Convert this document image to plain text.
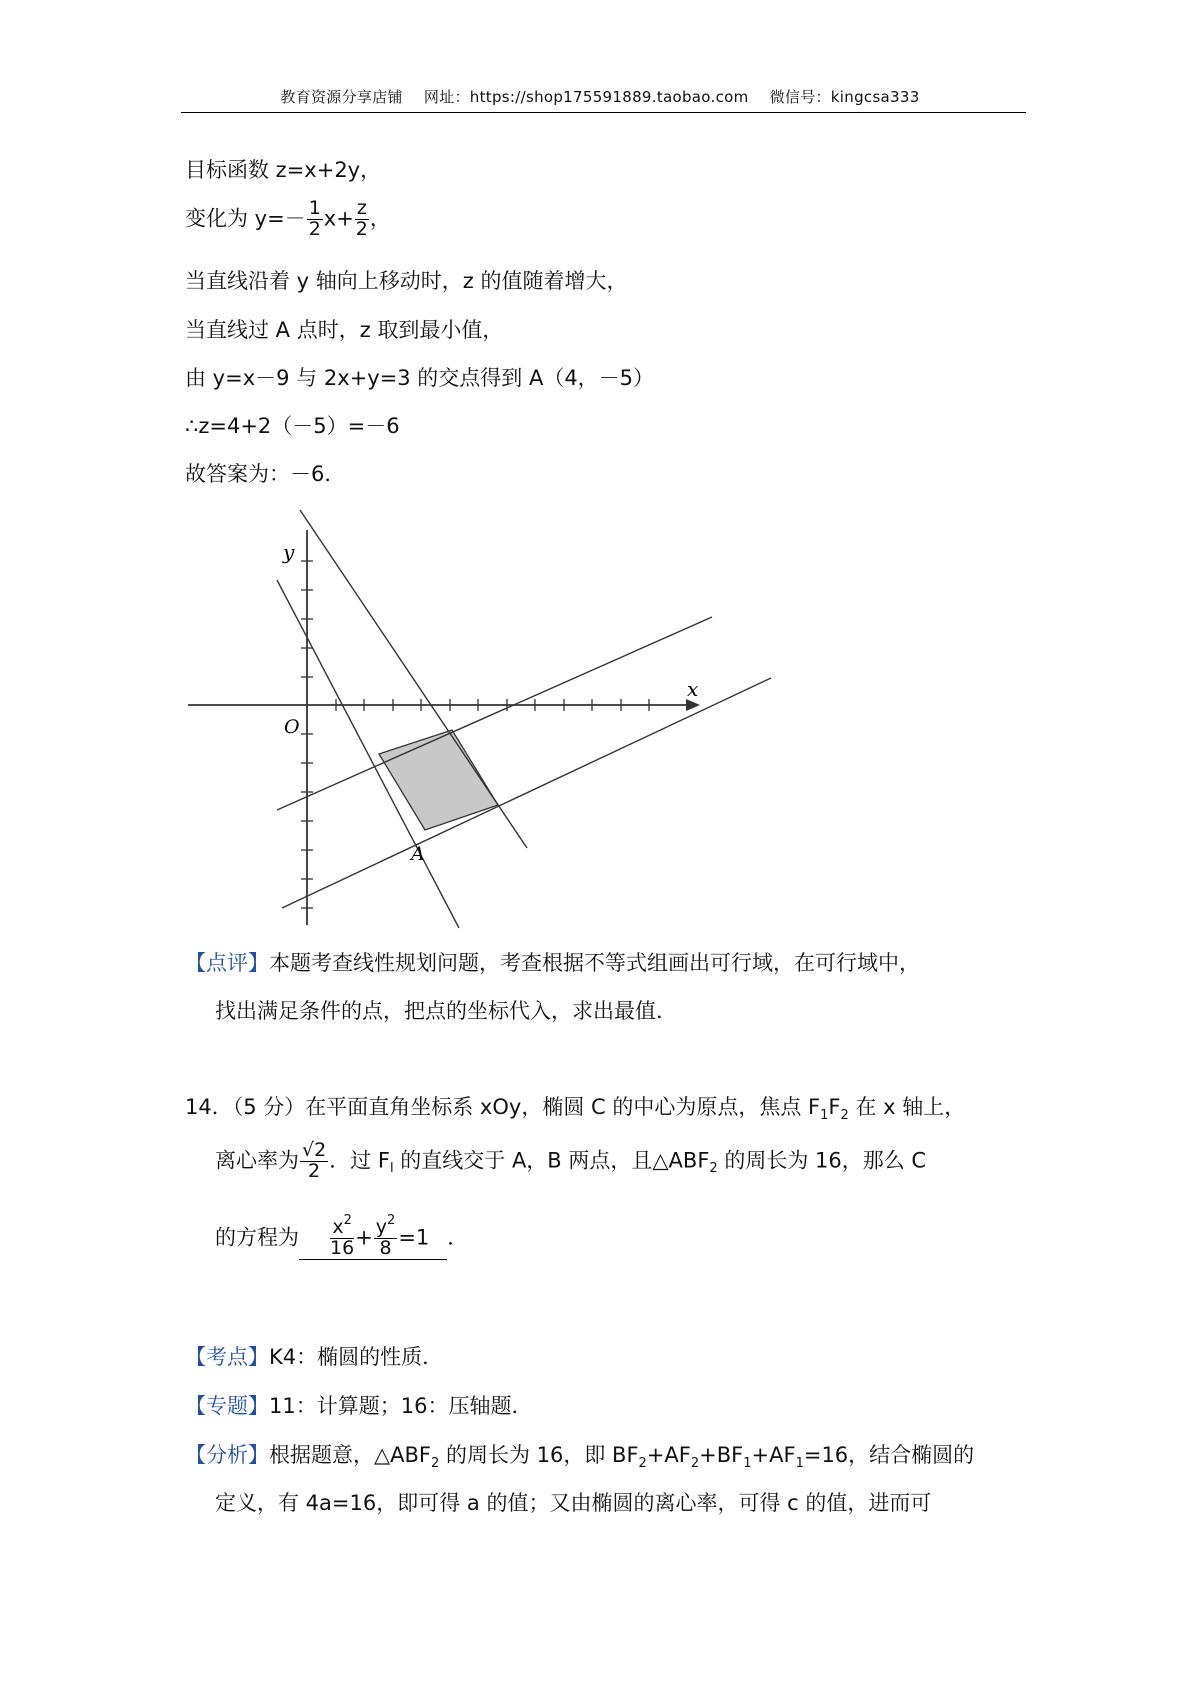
教育资源分享店铺 网址：https://shop175591889.taobao.com 微信号：kingcsa333
目标函数 z=x+2y，
变化为 $y=- \frac{1}{2} x+ \frac{z}{2}$ ，
当直线沿着 y 轴向上移动时，z 的值随着增大，
当直线过 A 点时，z 取到最小值，
由 y=x－9 与 2x+y=3 的交点得到 A（4，－5）
∴z=4+2（－5）=－6
故答案为：－6．
x
y
O
A
【点评】本题考查线性规划问题，考查根据不等式组画出可行域，在可行域中，
找出满足条件的点，把点的坐标代入，求出最值．
14．（5 分）在平面直角坐标系 xOy，椭圆 C 的中心为原点，焦点 $F_1F_2$ 在 x 轴上，
离心率为 $\frac{√2}{2}$ ．过 $F_l$ 的直线交于 A，B 两点，且$\triangle ABF_2$ 的周长为 16，那么 C
的方程为 $\frac{x^2}{16} + \frac{y^2}{8} =1$ ．
【考点】K4：椭圆的性质．
【专题】11：计算题；16：压轴题．
【分析】根据题意，$\triangle ABF_2$ 的周长为 16，即 $BF_2+AF_2+BF_1+AF_1=16$，结合椭圆的
定义，有 4a=16，即可得 a 的值；又由椭圆的离心率，可得 c 的值，进而可
